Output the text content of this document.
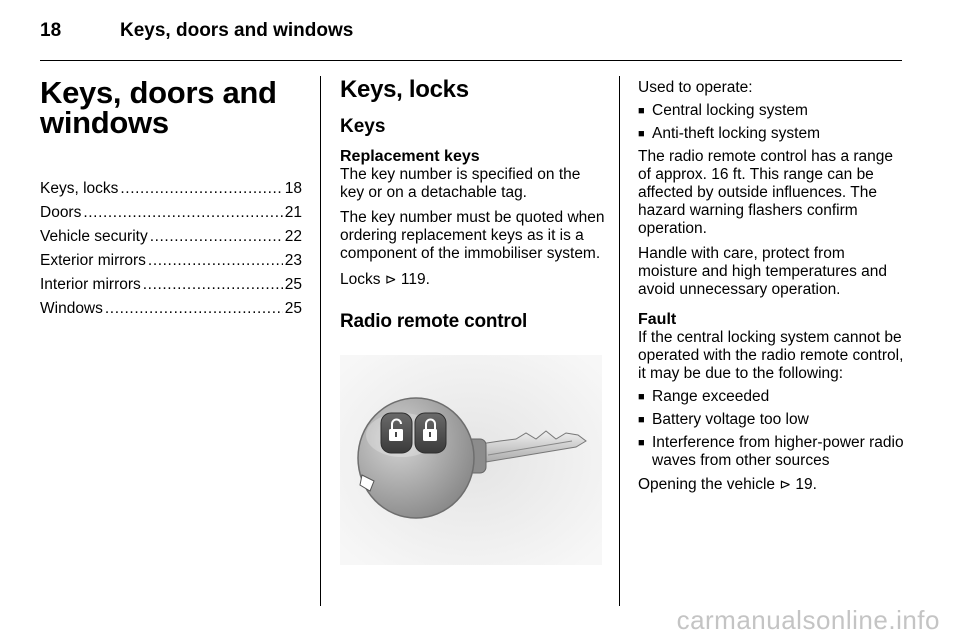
18	Keys, doors and windows
Keys, doors and windows
Keys, locks .....	18
Doors .....	21
Vehicle security .....	22
Exterior mirrors .....	23
Interior mirrors .....	25
Windows .....	25
Keys, locks
Keys
Replacement keys
The key number is specified on the key or on a detachable tag.
The key number must be quoted when ordering replacement keys as it is a component of the immobiliser system.
Locks ⊳ 119.
Radio remote control
Used to operate:
■ Central locking system
■ Anti-theft locking system
The radio remote control has a range of approx. 16 ft. This range can be affected by outside influences. The hazard warning flashers confirm operation.
Handle with care, protect from moisture and high temperatures and avoid unnecessary operation.
Fault
If the central locking system cannot be operated with the radio remote control, it may be due to the following:
■ Range exceeded
■ Battery voltage too low
■ Interference from higher-power radio waves from other sources
Opening the vehicle ⊳ 19.
carmanualsonline.info
